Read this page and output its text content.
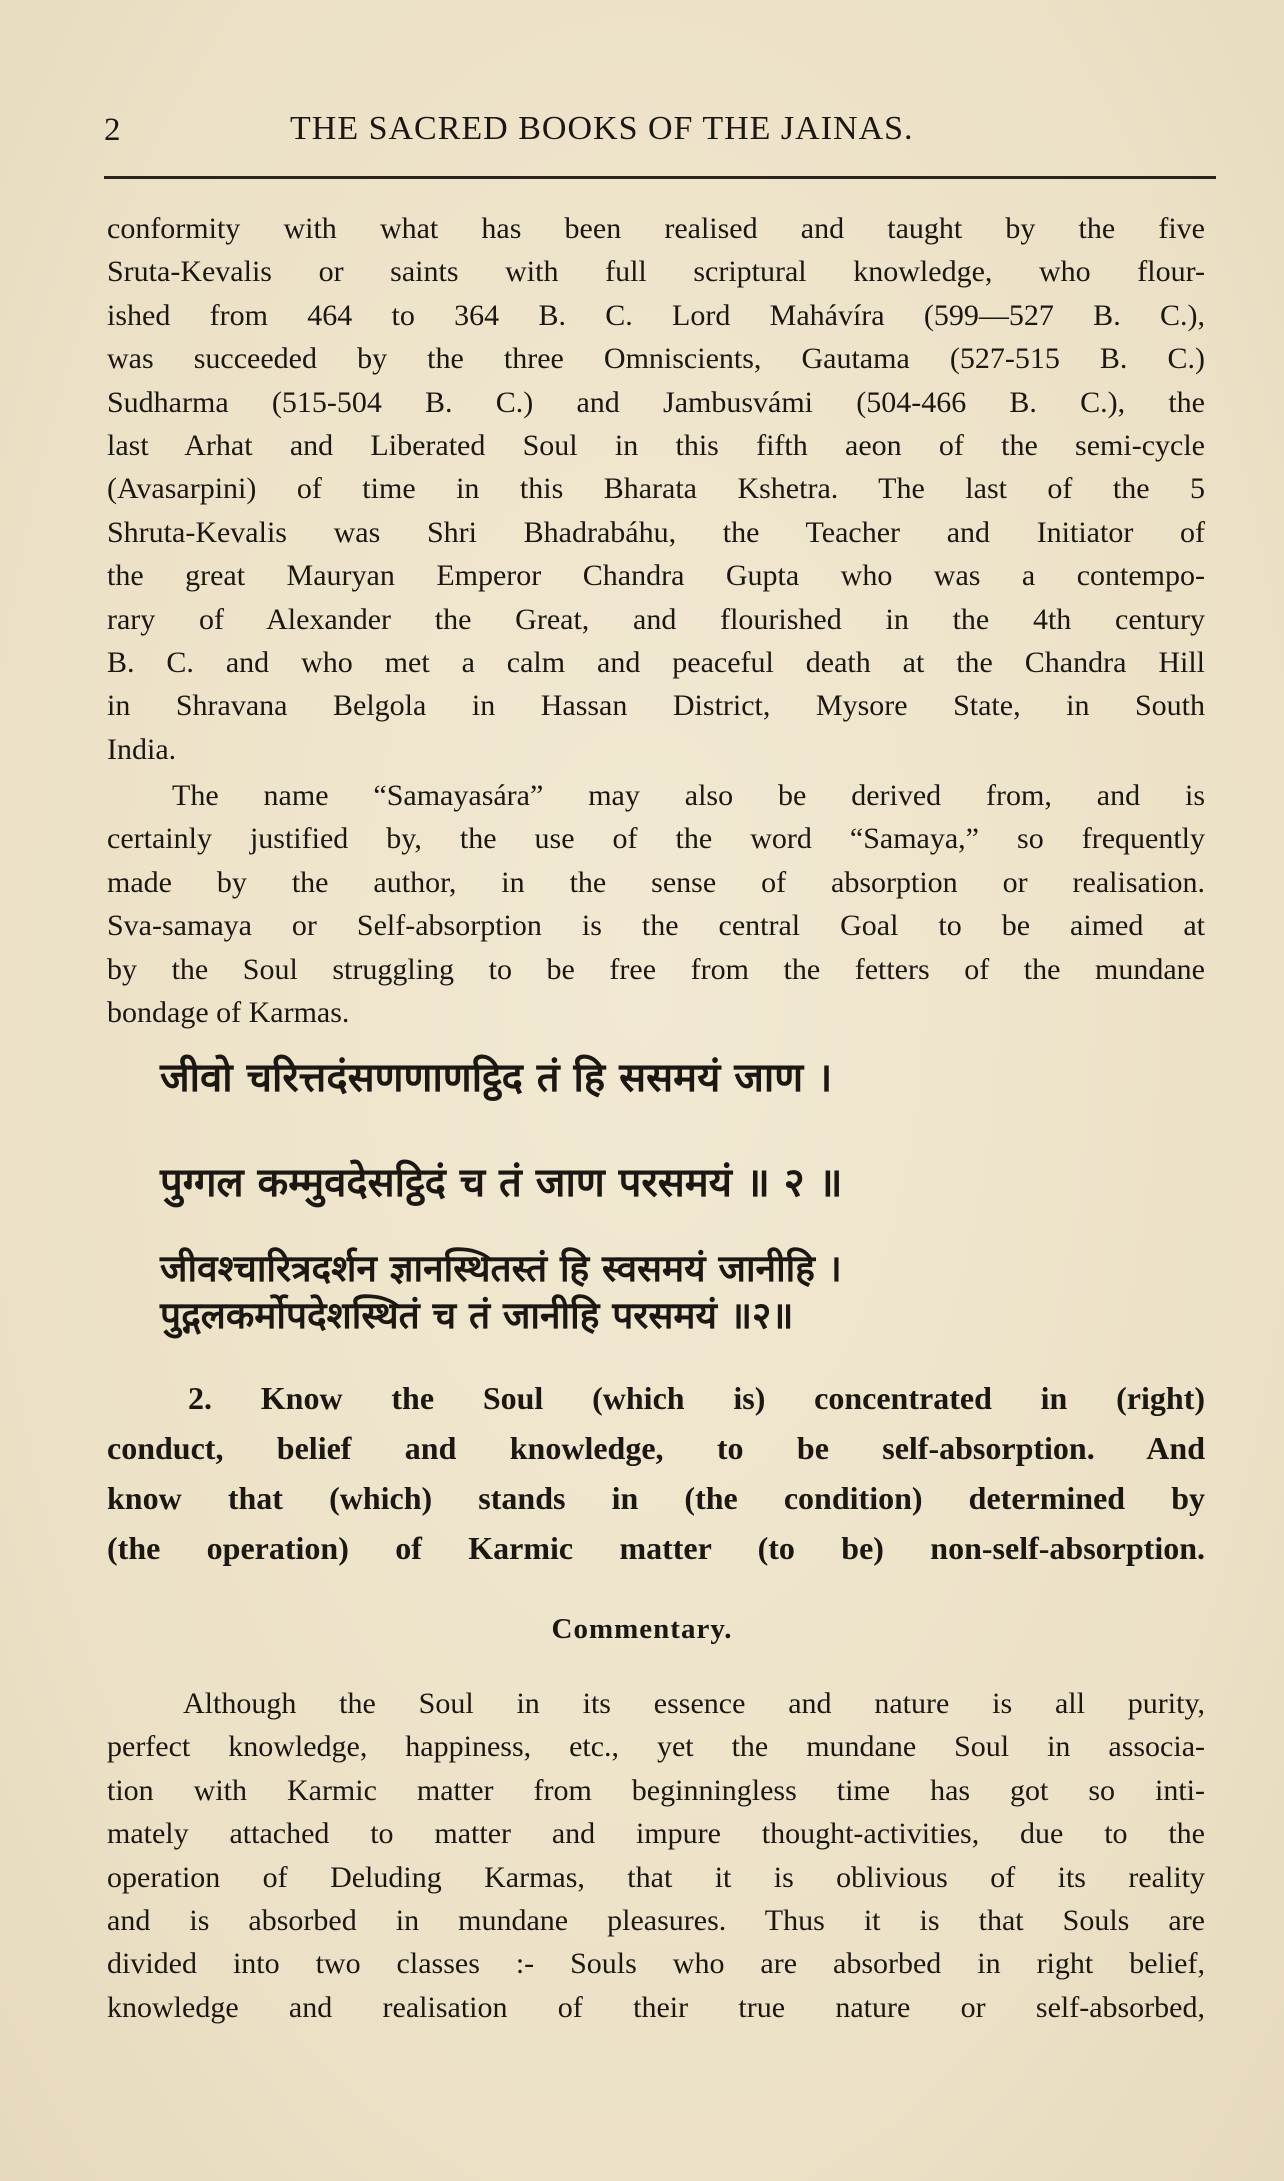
2	THE SACRED BOOKS OF THE JAINAS.
conformity with what has been realised and taught by the five
Sruta-Kevalis or saints with full scriptural knowledge, who flour-
ished from 464 to 364 B. C. Lord Mahávíra (599—527 B. C.),
was succeeded by the three Omniscients, Gautama (527-515 B. C.)
Sudharma (515-504 B. C.) and Jambusvámi (504-466 B. C.), the
last Arhat and Liberated Soul in this fifth aeon of the semi-cycle
(Avasarpini) of time in this Bharata Kshetra. The last of the 5
Shruta-Kevalis was Shri Bhadrabáhu, the Teacher and Initiator of
the great Mauryan Emperor Chandra Gupta who was a contempo-
rary of Alexander the Great, and flourished in the 4th century
B. C. and who met a calm and peaceful death at the Chandra Hill
in Shravana Belgola in Hassan District, Mysore State, in South
India.
The name “Samayasára” may also be derived from, and is
certainly justified by, the use of the word “Samaya,” so frequently
made by the author, in the sense of absorption or realisation.
Sva-samaya or Self-absorption is the central Goal to be aimed at
by the Soul struggling to be free from the fetters of the mundane
bondage of Karmas.
जीवो चरित्तदंसणणाणट्ठिद तं हि ससमयं जाण ।
पुग्गल कम्मुवदेसट्ठिदं च तं जाण परसमयं ॥ २ ॥
जीवश्चारित्रदर्शन ज्ञानस्थितस्तं हि स्वसमयं जानीहि ।
पुद्गलकर्मोपदेशस्थितं च तं जानीहि परसमयं ॥२॥
2. Know the Soul (which is) concentrated in (right)
conduct, belief and knowledge, to be self-absorption. And
know that (which) stands in (the condition) determined by
(the operation) of Karmic matter (to be) non-self-absorption.
Commentary.
Although the Soul in its essence and nature is all purity,
perfect knowledge, happiness, etc., yet the mundane Soul in associa-
tion with Karmic matter from beginningless time has got so inti-
mately attached to matter and impure thought-activities, due to the
operation of Deluding Karmas, that it is oblivious of its reality
and is absorbed in mundane pleasures. Thus it is that Souls are
divided into two classes :- Souls who are absorbed in right belief,
knowledge and realisation of their true nature or self-absorbed,
